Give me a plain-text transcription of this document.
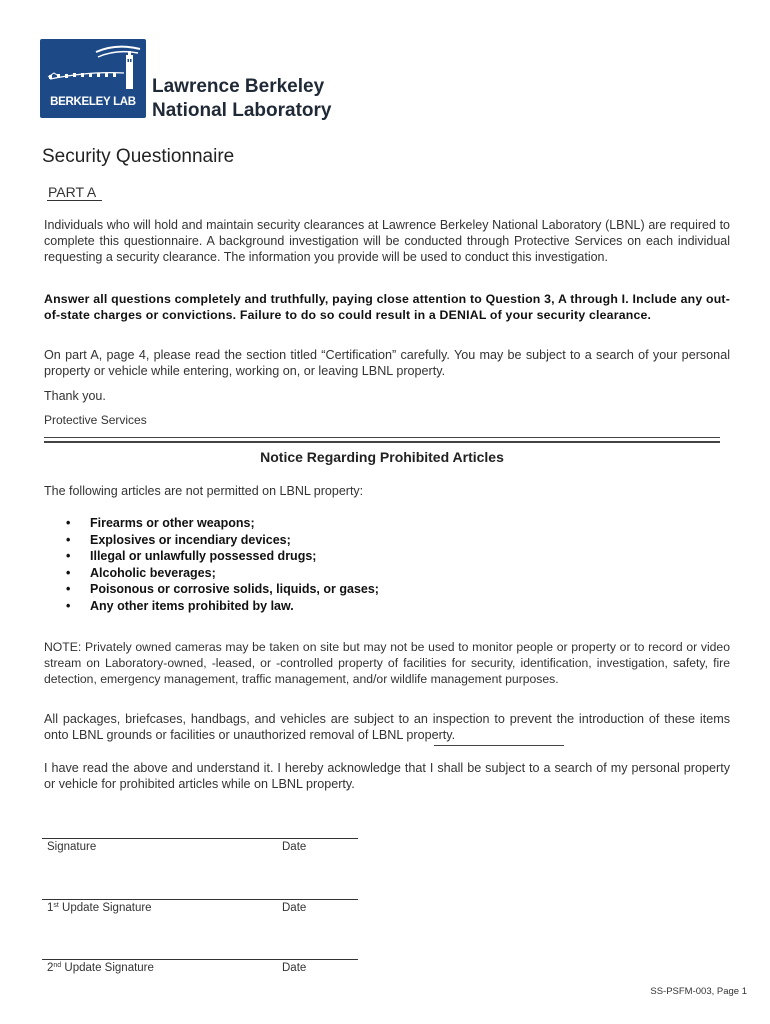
BERKELEY LAB
Lawrence Berkeley
National Laboratory
Security Questionnaire
PART A
Individuals who will hold and maintain security clearances at Lawrence Berkeley National Laboratory (LBNL) are required to complete this questionnaire. A background investigation will be conducted through Protective Services on each individual requesting a security clearance. The information you provide will be used to conduct this investigation.
Answer all questions completely and truthfully, paying close attention to Question 3, A through I. Include any out-of-state charges or convictions. Failure to do so could result in a DENIAL of your security clearance.
On part A, page 4, please read the section titled “Certification” carefully. You may be subject to a search of your personal property or vehicle while entering, working on, or leaving LBNL property.
Thank you.
Protective Services
Notice Regarding Prohibited Articles
The following articles are not permitted on LBNL property:
• Firearms or other weapons;
• Explosives or incendiary devices;
• Illegal or unlawfully possessed drugs;
• Alcoholic beverages;
• Poisonous or corrosive solids, liquids, or gases;
• Any other items prohibited by law.
NOTE: Privately owned cameras may be taken on site but may not be used to monitor people or property or to record or video stream on Laboratory-owned, -leased, or -controlled property of facilities for security, identification, investigation, safety, fire detection, emergency management, traffic management, and/or wildlife management purposes.
All packages, briefcases, handbags, and vehicles are subject to an inspection to prevent the introduction of these items onto LBNL grounds or facilities or unauthorized removal of LBNL property.
I have read the above and understand it. I hereby acknowledge that I shall be subject to a search of my personal property or vehicle for prohibited articles while on LBNL property.
Signature	Date
1st Update Signature	Date
2nd Update Signature	Date
SS-PSFM-003, Page 1
